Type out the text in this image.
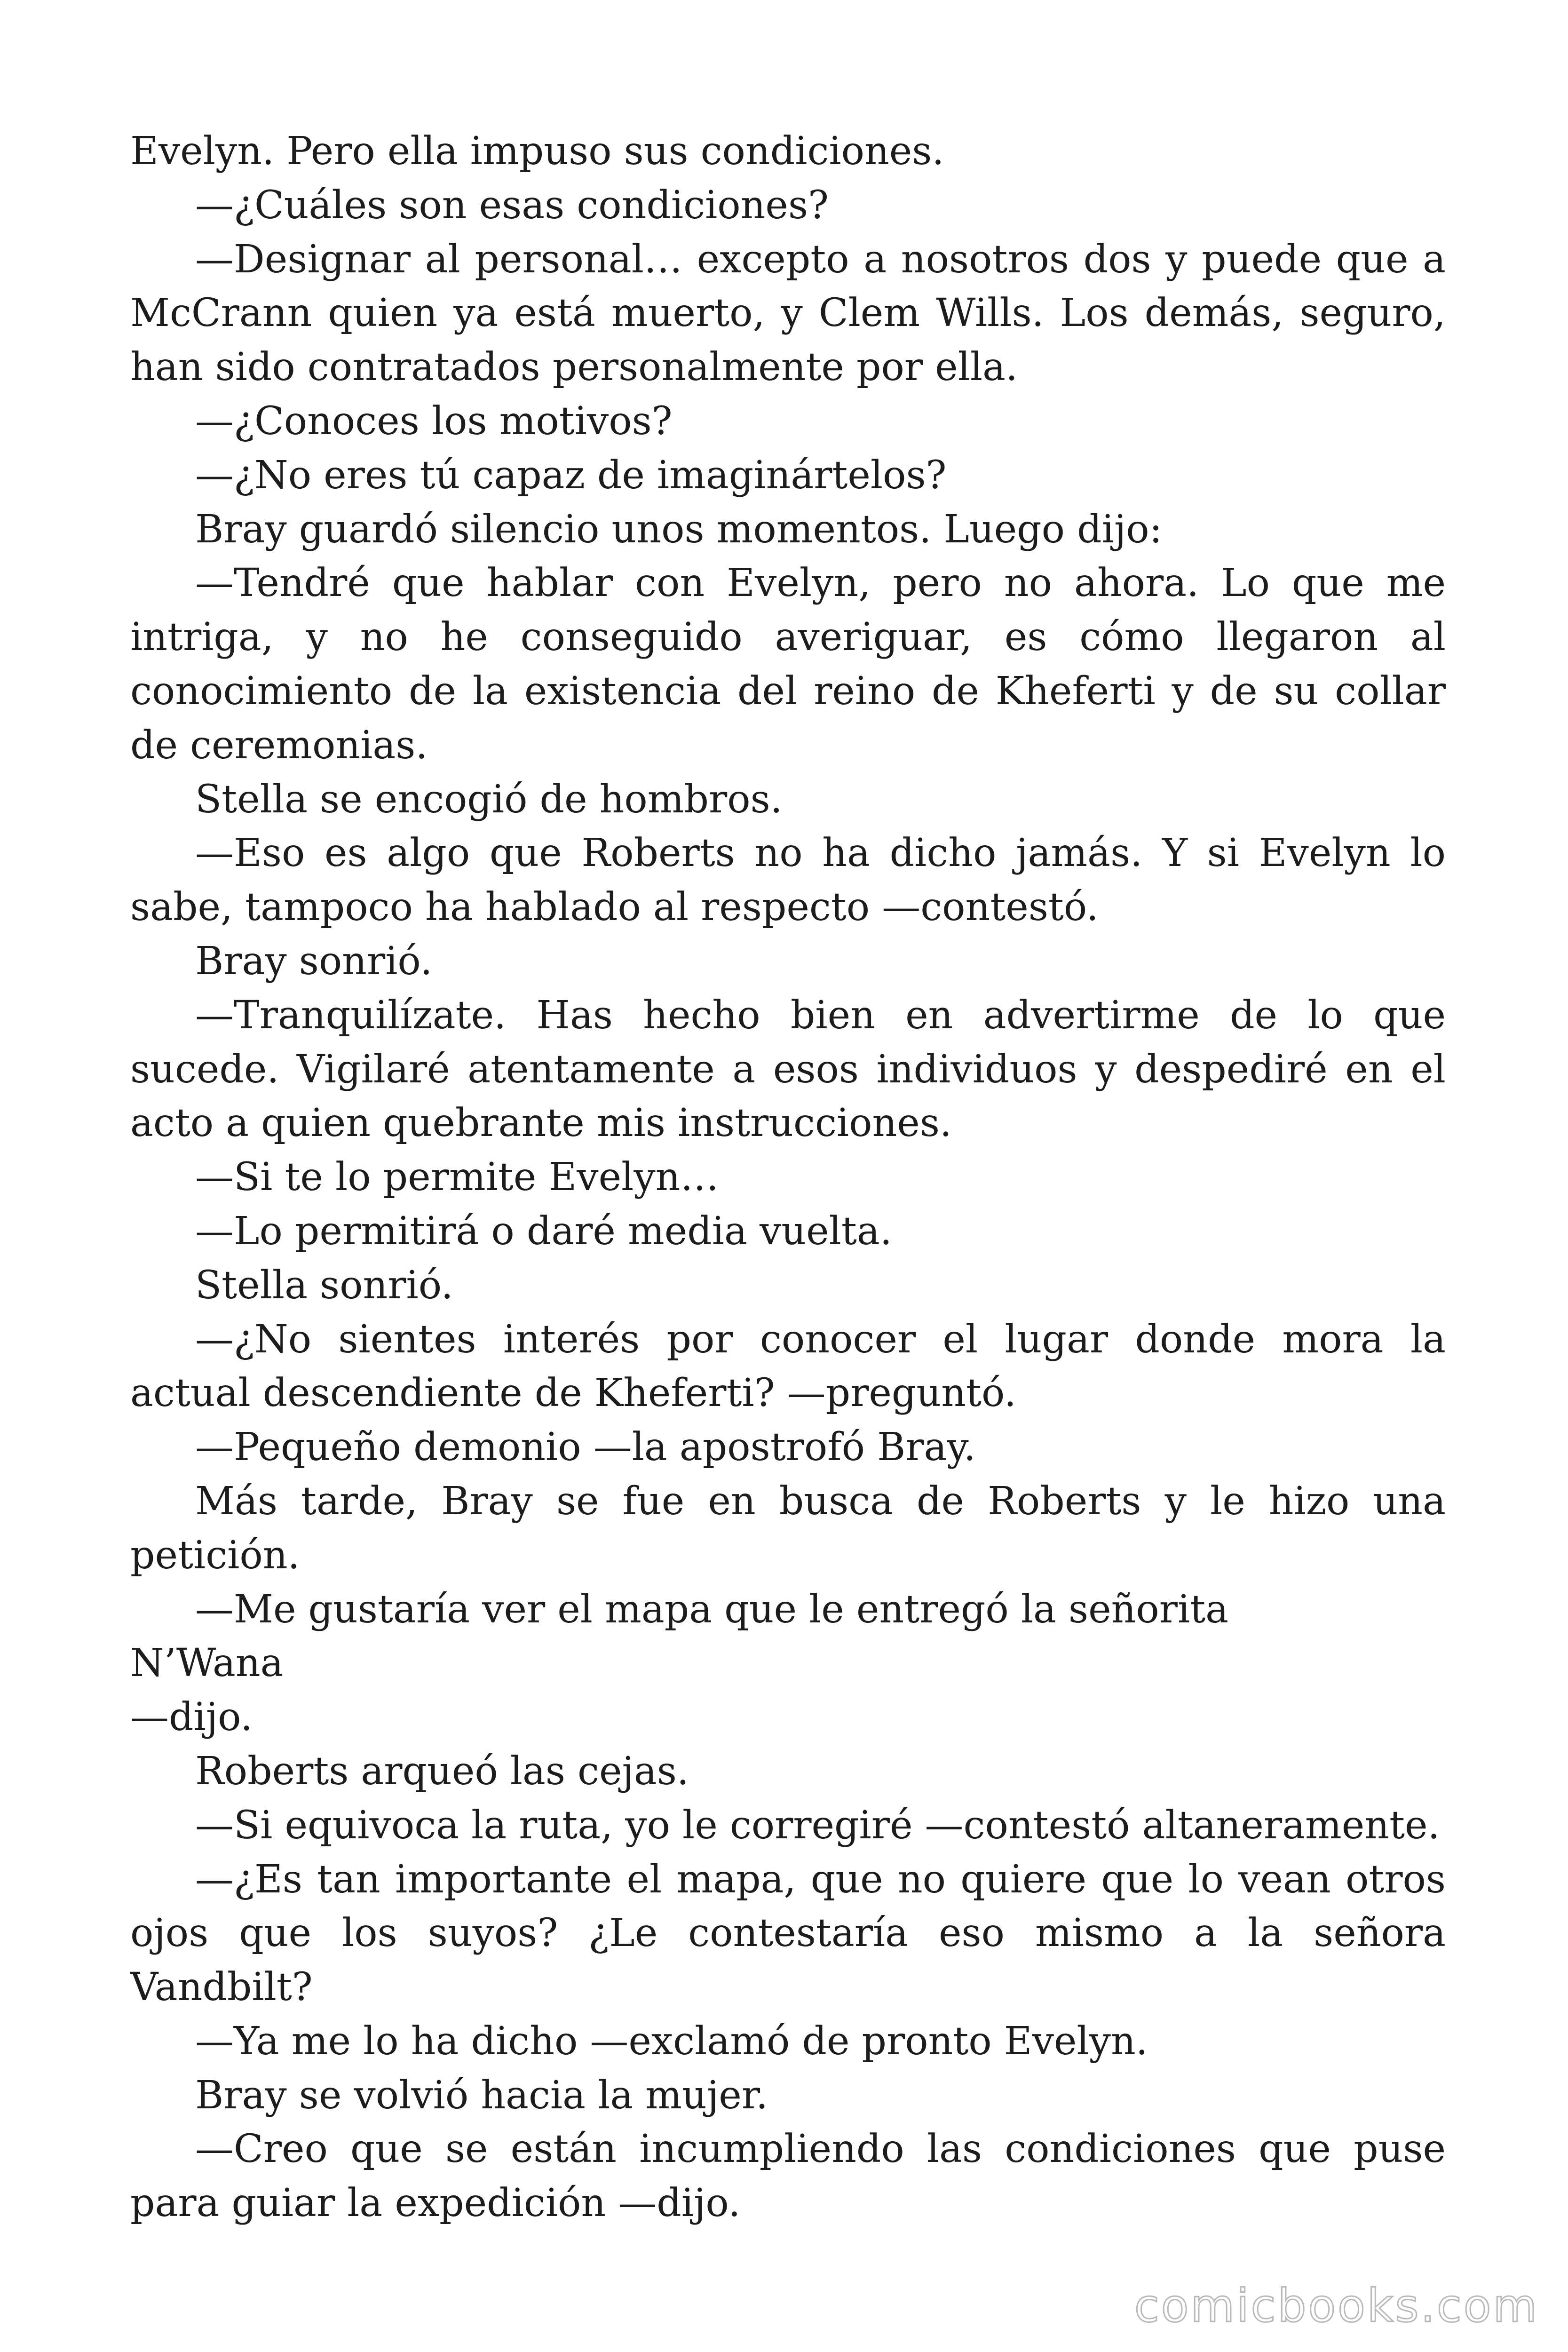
Evelyn. Pero ella impuso sus condiciones.

—¿Cuáles son esas condiciones?

—Designar al personal… excepto a nosotros dos y puede que a McCrann quien ya está muerto, y Clem Wills. Los demás, seguro, han sido contratados personalmente por ella.

—¿Conoces los motivos?

—¿No eres tú capaz de imaginártelos?

Bray guardó silencio unos momentos. Luego dijo:

—Tendré que hablar con Evelyn, pero no ahora. Lo que me intriga, y no he conseguido averiguar, es cómo llegaron al conocimiento de la existencia del reino de Kheferti y de su collar de ceremonias.

Stella se encogió de hombros.

—Eso es algo que Roberts no ha dicho jamás. Y si Evelyn lo sabe, tampoco ha hablado al respecto —contestó.

Bray sonrió.

—Tranquilízate. Has hecho bien en advertirme de lo que sucede. Vigilaré atentamente a esos individuos y despediré en el acto a quien quebrante mis instrucciones.

—Si te lo permite Evelyn…

—Lo permitirá o daré media vuelta.

Stella sonrió.

—¿No sientes interés por conocer el lugar donde mora la actual descendiente de Kheferti? —preguntó.

—Pequeño demonio —la apostrofó Bray.

Más tarde, Bray se fue en busca de Roberts y le hizo una petición.

—Me gustaría ver el mapa que le entregó la señorita

N’Wana

—dijo.

Roberts arqueó las cejas.

—Si equivoca la ruta, yo le corregiré —contestó altaneramente.

—¿Es tan importante el mapa, que no quiere que lo vean otros ojos que los suyos? ¿Le contestaría eso mismo a la señora Vandbilt?

—Ya me lo ha dicho —exclamó de pronto Evelyn.

Bray se volvió hacia la mujer.

—Creo que se están incumpliendo las condiciones que puse para guiar la expedición —dijo.

comicbooks.com
